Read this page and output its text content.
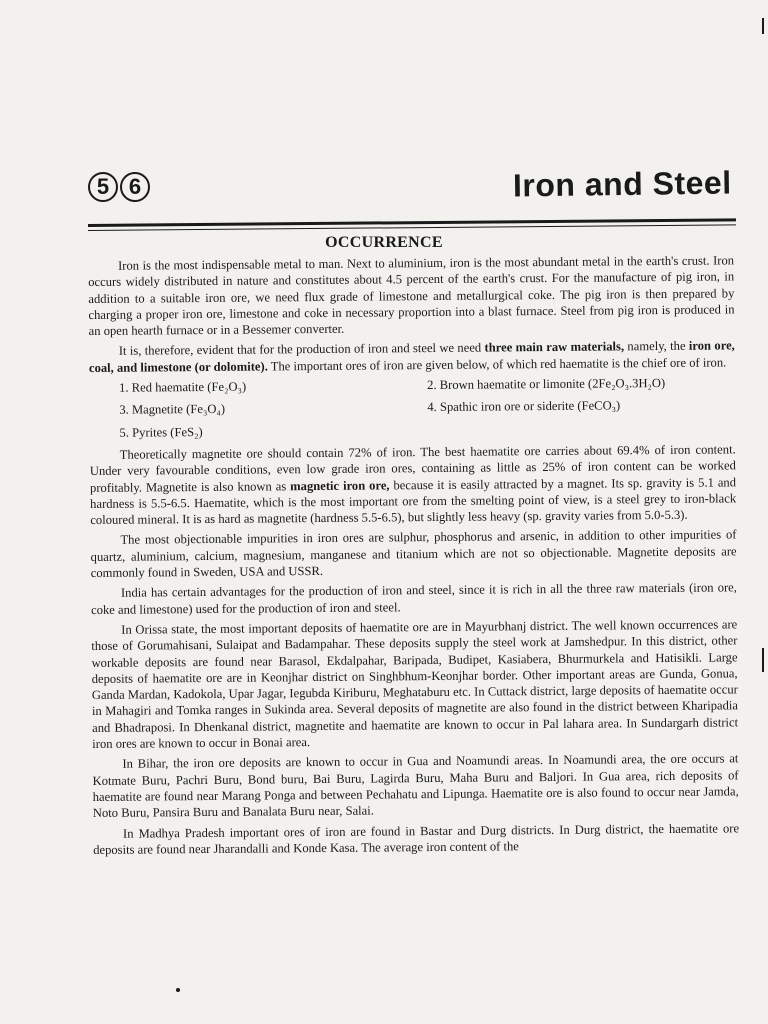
5 6	Iron and Steel
OCCURRENCE

Iron is the most indispensable metal to man. Next to aluminium, iron is the most abundant metal in the earth's crust. Iron occurs widely distributed in nature and constitutes about 4.5 percent of the earth's crust. For the manufacture of pig iron, in addition to a suitable iron ore, we need flux grade of limestone and metallurgical coke. The pig iron is then prepared by charging a proper iron ore, limestone and coke in necessary proportion into a blast furnace. Steel from pig iron is produced in an open hearth furnace or in a Bessemer converter.

It is, therefore, evident that for the production of iron and steel we need three main raw materials, namely, the iron ore, coal, and limestone (or dolomite). The important ores of iron are given below, of which red haematite is the chief ore of iron.

1. Red haematite (Fe₂O₃)	2. Brown haematite or limonite (2Fe₂O₃.3H₂O)
3. Magnetite (Fe₃O₄)	4. Spathic iron ore or siderite (FeCO₃)
5. Pyrites (FeS₂)

Theoretically magnetite ore should contain 72% of iron. The best haematite ore carries about 69.4% of iron content. Under very favourable conditions, even low grade iron ores, containing as little as 25% of iron content can be worked profitably. Magnetite is also known as magnetic iron ore, because it is easily attracted by a magnet. Its sp. gravity is 5.1 and hardness is 5.5-6.5. Haematite, which is the most important ore from the smelting point of view, is a steel grey to iron-black coloured mineral. It is as hard as magnetite (hardness 5.5-6.5), but slightly less heavy (sp. gravity varies from 5.0-5.3).

The most objectionable impurities in iron ores are sulphur, phosphorus and arsenic, in addition to other impurities of quartz, aluminium, calcium, magnesium, manganese and titanium which are not so objectionable. Magnetite deposits are commonly found in Sweden, USA and USSR.

India has certain advantages for the production of iron and steel, since it is rich in all the three raw materials (iron ore, coke and limestone) used for the production of iron and steel.

In Orissa state, the most important deposits of haematite ore are in Mayurbhanj district. The well known occurrences are those of Gorumahisani, Sulaipat and Badampahar. These deposits supply the steel work at Jamshedpur. In this district, other workable deposits are found near Barasol, Ekdalpahar, Baripada, Budipet, Kasiabera, Bhurmurkela and Hatisikli. Large deposits of haematite ore are in Keonjhar district on Singhbhum-Keonjhar border. Other important areas are Gunda, Gonua, Ganda Mardan, Kadokola, Upar Jagar, Iegubda Kiriburu, Meghataburu etc. In Cuttack district, large deposits of haematite occur in Mahagiri and Tomka ranges in Sukinda area. Several deposits of magnetite are also found in the district between Kharipadia and Bhadraposi. In Dhenkanal district, magnetite and haematite are known to occur in Pal lahara area. In Sundargarh district iron ores are known to occur in Bonai area.

In Bihar, the iron ore deposits are known to occur in Gua and Noamundi areas. In Noamundi area, the ore occurs at Kotmate Buru, Pachri Buru, Bond buru, Bai Buru, Lagirda Buru, Maha Buru and Baljori. In Gua area, rich deposits of haematite are found near Marang Ponga and between Pechahatu and Lipunga. Haematite ore is also found to occur near Jamda, Noto Buru, Pansira Buru and Banalata Buru near, Salai.

In Madhya Pradesh important ores of iron are found in Bastar and Durg districts. In Durg district, the haematite ore deposits are found near Jharandalli and Konde Kasa. The average iron content of the
